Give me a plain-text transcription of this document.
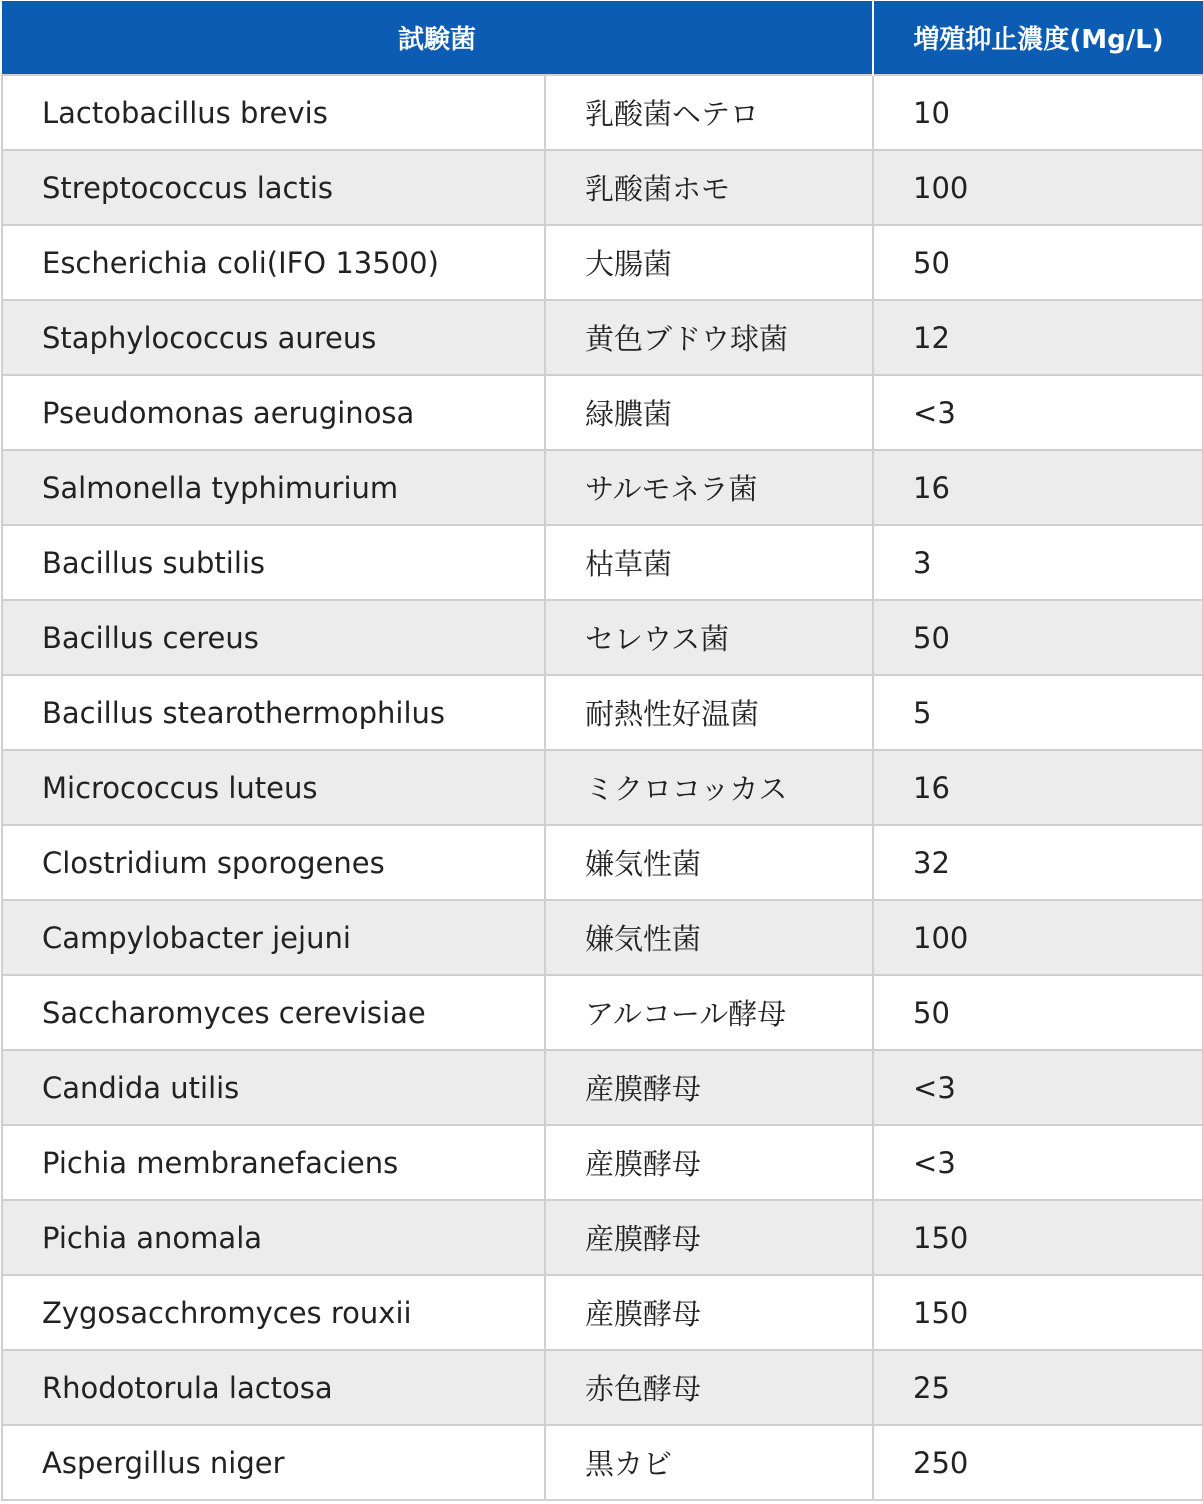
試験菌		増殖抑止濃度(Mg/L)
Lactobacillus brevis	乳酸菌ヘテロ	10
Streptococcus lactis	乳酸菌ホモ	100
Escherichia coli(IFO 13500)	大腸菌	50
Staphylococcus aureus	黄色ブドウ球菌	12
Pseudomonas aeruginosa	緑膿菌	<3
Salmonella typhimurium	サルモネラ菌	16
Bacillus subtilis	枯草菌	3
Bacillus cereus	セレウス菌	50
Bacillus stearothermophilus	耐熱性好温菌	5
Micrococcus luteus	ミクロコッカス	16
Clostridium sporogenes	嫌気性菌	32
Campylobacter jejuni	嫌気性菌	100
Saccharomyces cerevisiae	アルコール酵母	50
Candida utilis	産膜酵母	<3
Pichia membranefaciens	産膜酵母	<3
Pichia anomala	産膜酵母	150
Zygosacchromyces rouxii	産膜酵母	150
Rhodotorula lactosa	赤色酵母	25
Aspergillus niger	黒カビ	250
